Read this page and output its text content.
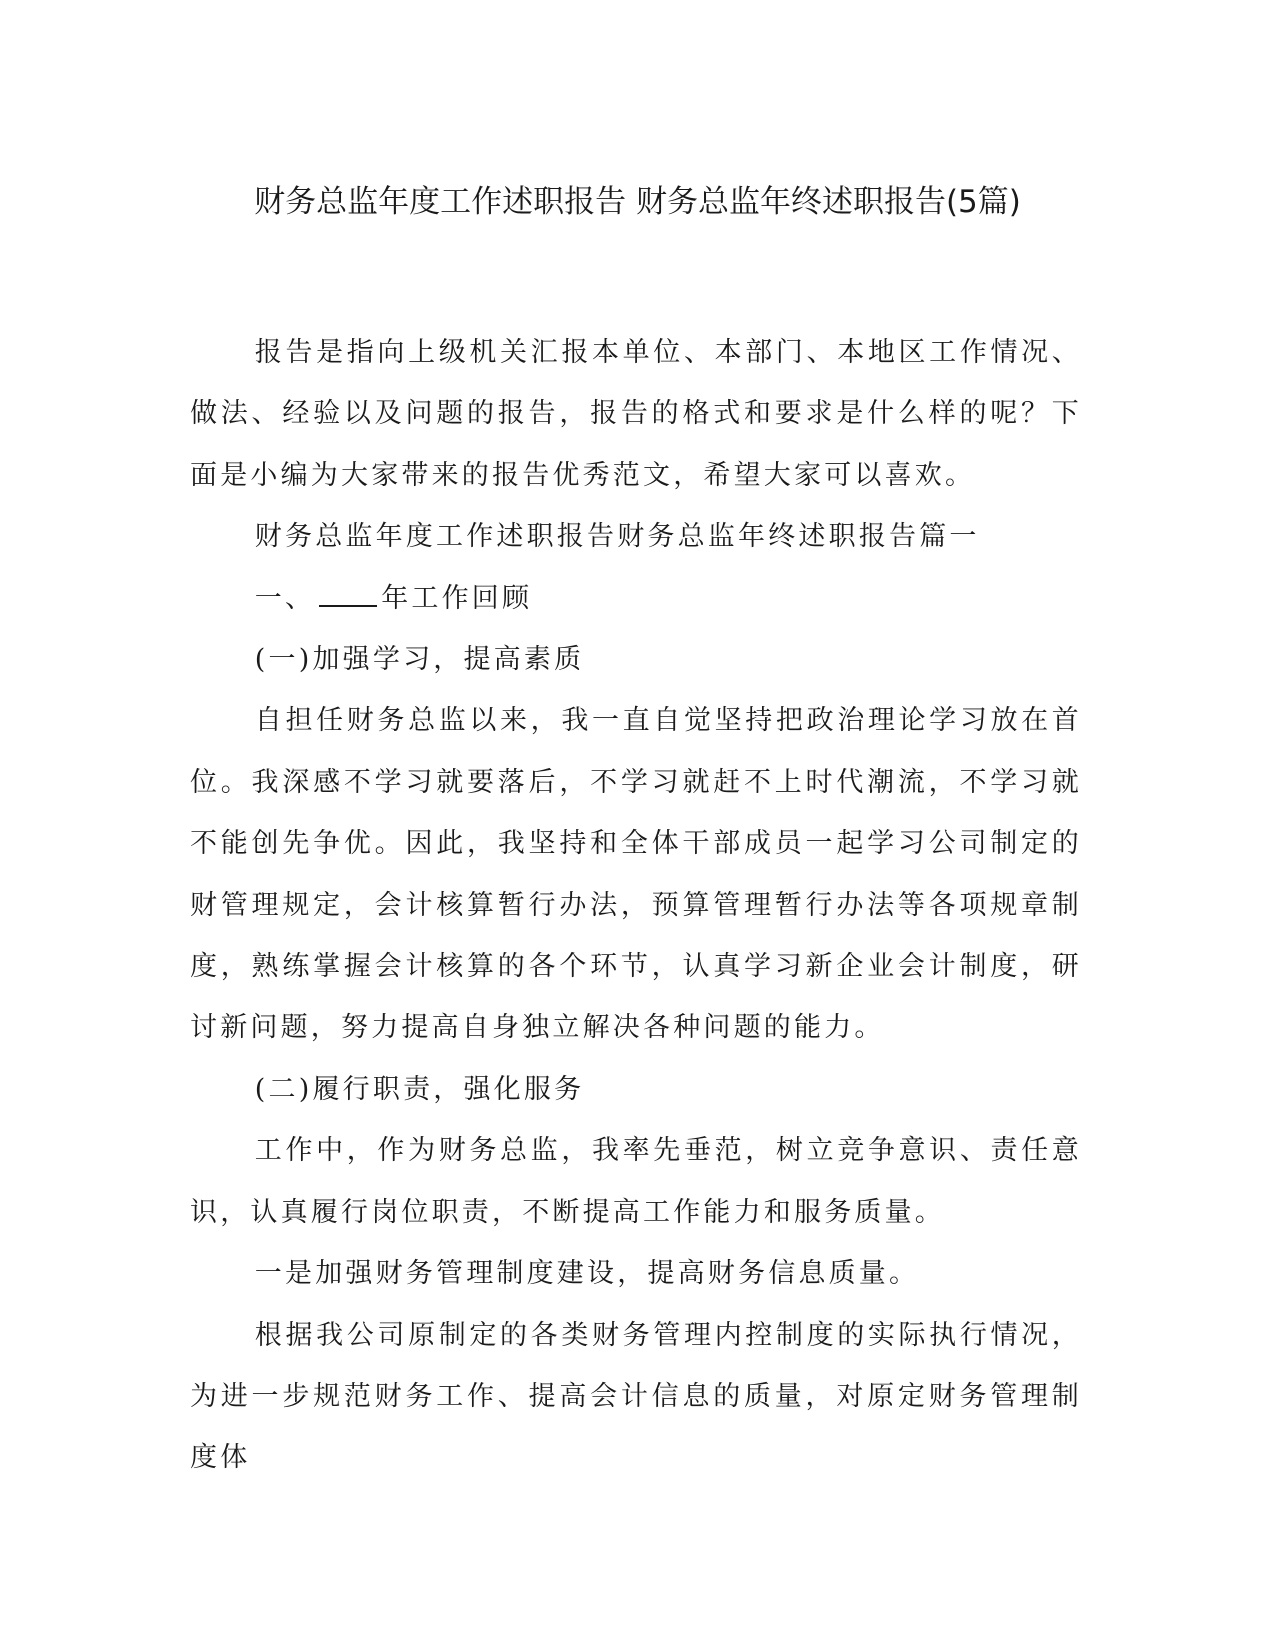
财务总监年度工作述职报告 财务总监年终述职报告(5篇)

报告是指向上级机关汇报本单位、本部门、本地区工作情况、做法、经验以及问题的报告，报告的格式和要求是什么样的呢？下面是小编为大家带来的报告优秀范文，希望大家可以喜欢。

财务总监年度工作述职报告财务总监年终述职报告篇一

一、 年工作回顾

(一)加强学习，提高素质

自担任财务总监以来，我一直自觉坚持把政治理论学习放在首位。我深感不学习就要落后，不学习就赶不上时代潮流，不学习就不能创先争优。因此，我坚持和全体干部成员一起学习公司制定的财管理规定，会计核算暂行办法，预算管理暂行办法等各项规章制度，熟练掌握会计核算的各个环节，认真学习新企业会计制度，研讨新问题，努力提高自身独立解决各种问题的能力。

(二)履行职责，强化服务

工作中，作为财务总监，我率先垂范，树立竞争意识、责任意识，认真履行岗位职责，不断提高工作能力和服务质量。

一是加强财务管理制度建设，提高财务信息质量。

根据我公司原制定的各类财务管理内控制度的实际执行情况，为进一步规范财务工作、提高会计信息的质量，对原定财务管理制度体
